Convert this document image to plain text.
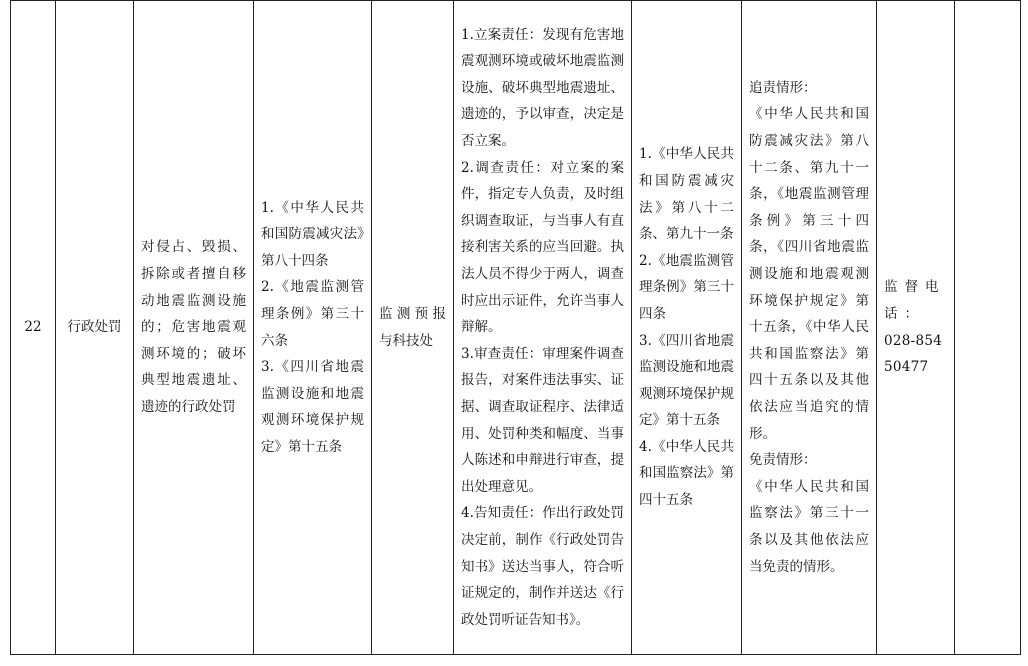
22	行政处罚	对侵占、毁损、拆除或者擅自移动地震监测设施的；危害地震观测环境的；破坏典型地震遗址、遗迹的行政处罚	1.《中华人民共和国防震减灾法》第八十四条
2.《地震监测管理条例》第三十六条
3.《四川省地震监测设施和地震观测环境保护规定》第十五条	监测预报与科技处	1.立案责任：发现有危害地震观测环境或破坏地震监测设施、破坏典型地震遗址、遗迹的，予以审查，决定是否立案。
2.调查责任：对立案的案件，指定专人负责，及时组织调查取证，与当事人有直接利害关系的应当回避。执法人员不得少于两人，调查时应出示证件，允许当事人辩解。
3.审查责任：审理案件调查报告，对案件违法事实、证据、调查取证程序、法律适用、处罚种类和幅度、当事人陈述和申辩进行审查，提出处理意见。
4.告知责任：作出行政处罚决定前，制作《行政处罚告知书》送达当事人，符合听证规定的，制作并送达《行政处罚听证告知书》。	1.《中华人民共和国防震减灾法》第八十二条、第九十一条
2.《地震监测管理条例》第三十四条
3.《四川省地震监测设施和地震观测环境保护规定》第十五条
4.《中华人民共和国监察法》第四十五条	追责情形：
《中华人民共和国防震减灾法》第八十二条、第九十一条，《地震监测管理条例》第三十四条，《四川省地震监测设施和地震观测环境保护规定》第十五条，《中华人民共和国监察法》第四十五条以及其他依法应当追究的情形。
免责情形：
《中华人民共和国监察法》第三十一条以及其他依法应当免责的情形。	监督电话：
028-85450477	
